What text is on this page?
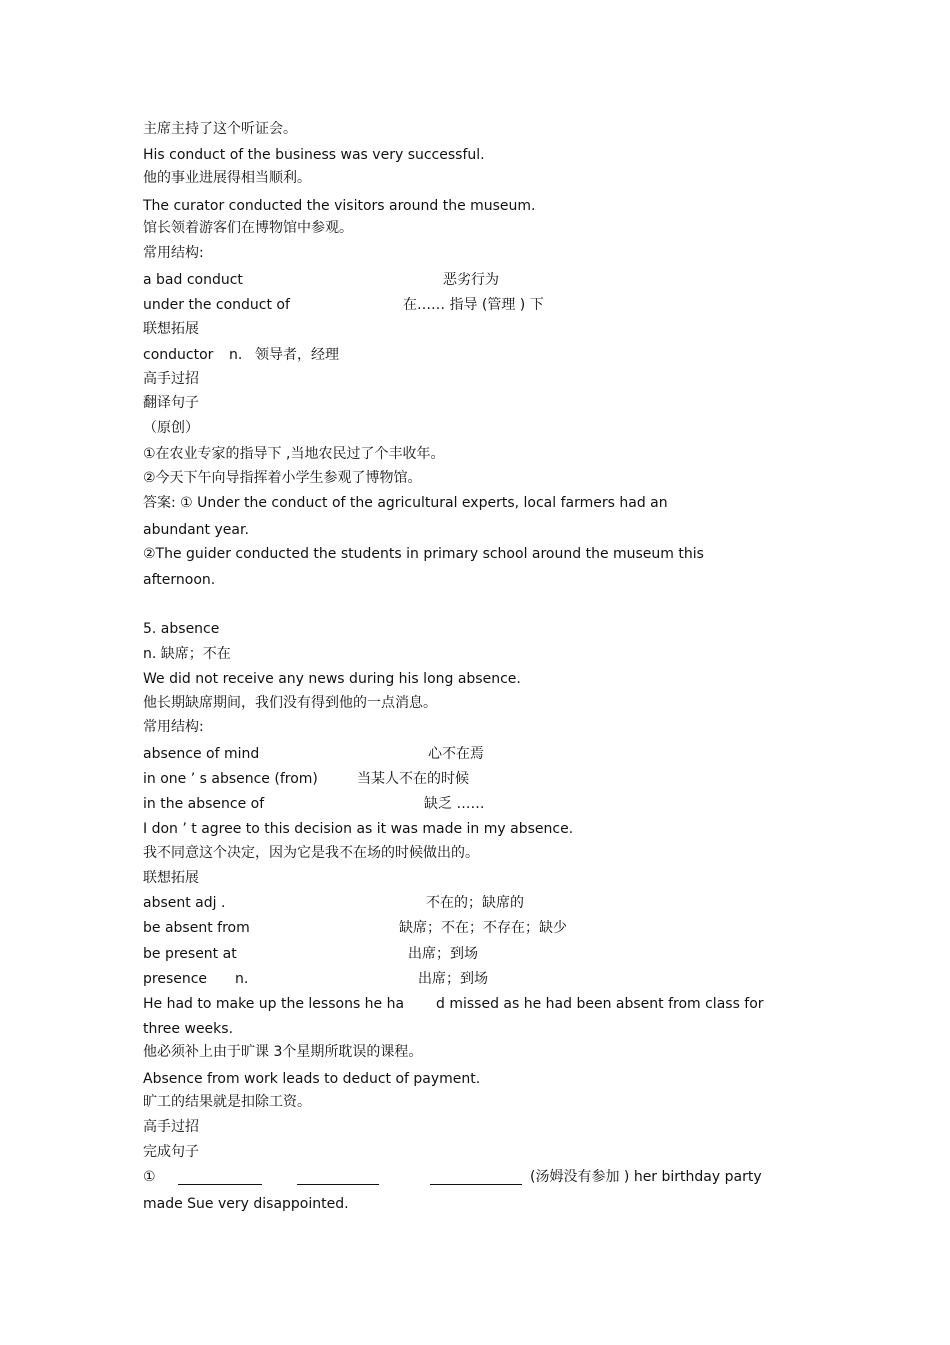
主席主持了这个听证会。
His conduct of the business was very successful.
他的事业进展得相当顺利。
The curator conducted the visitors around the museum.
馆长领着游客们在博物馆中参观。
常用结构:
a bad conduct	恶劣行为
under the conduct of	在…… 指导 (管理 ) 下
联想拓展
conductor n. 领导者，经理
高手过招
翻译句子
（原创）
①在农业专家的指导下 ,当地农民过了个丰收年。
②今天下午向导指挥着小学生参观了博物馆。
答案: ① Under the conduct of the agricultural experts, local farmers had an
abundant year.
②The guider conducted the students in primary school around the museum this
afternoon.
5. absence
n. 缺席；不在
We did not receive any news during his long absence.
他长期缺席期间，我们没有得到他的一点消息。
常用结构:
absence of mind	心不在焉
in one ’ s absence (from)	当某人不在的时候
in the absence of	缺乏 ……
I don ’ t agree to this decision as it was made in my absence.
我不同意这个决定，因为它是我不在场的时候做出的。
联想拓展
absent adj .	不在的；缺席的
be absent from	缺席；不在；不存在；缺少
be present at	出席；到场
presence n.	出席；到场
He had to make up the lessons he ha d missed as he had been absent from class for
three weeks.
他必须补上由于旷课 3个星期所耽误的课程。
Absence from work leads to deduct of payment.
旷工的结果就是扣除工资。
高手过招
完成句子
①	(汤姆没有参加 ) her birthday party
made Sue very disappointed.
